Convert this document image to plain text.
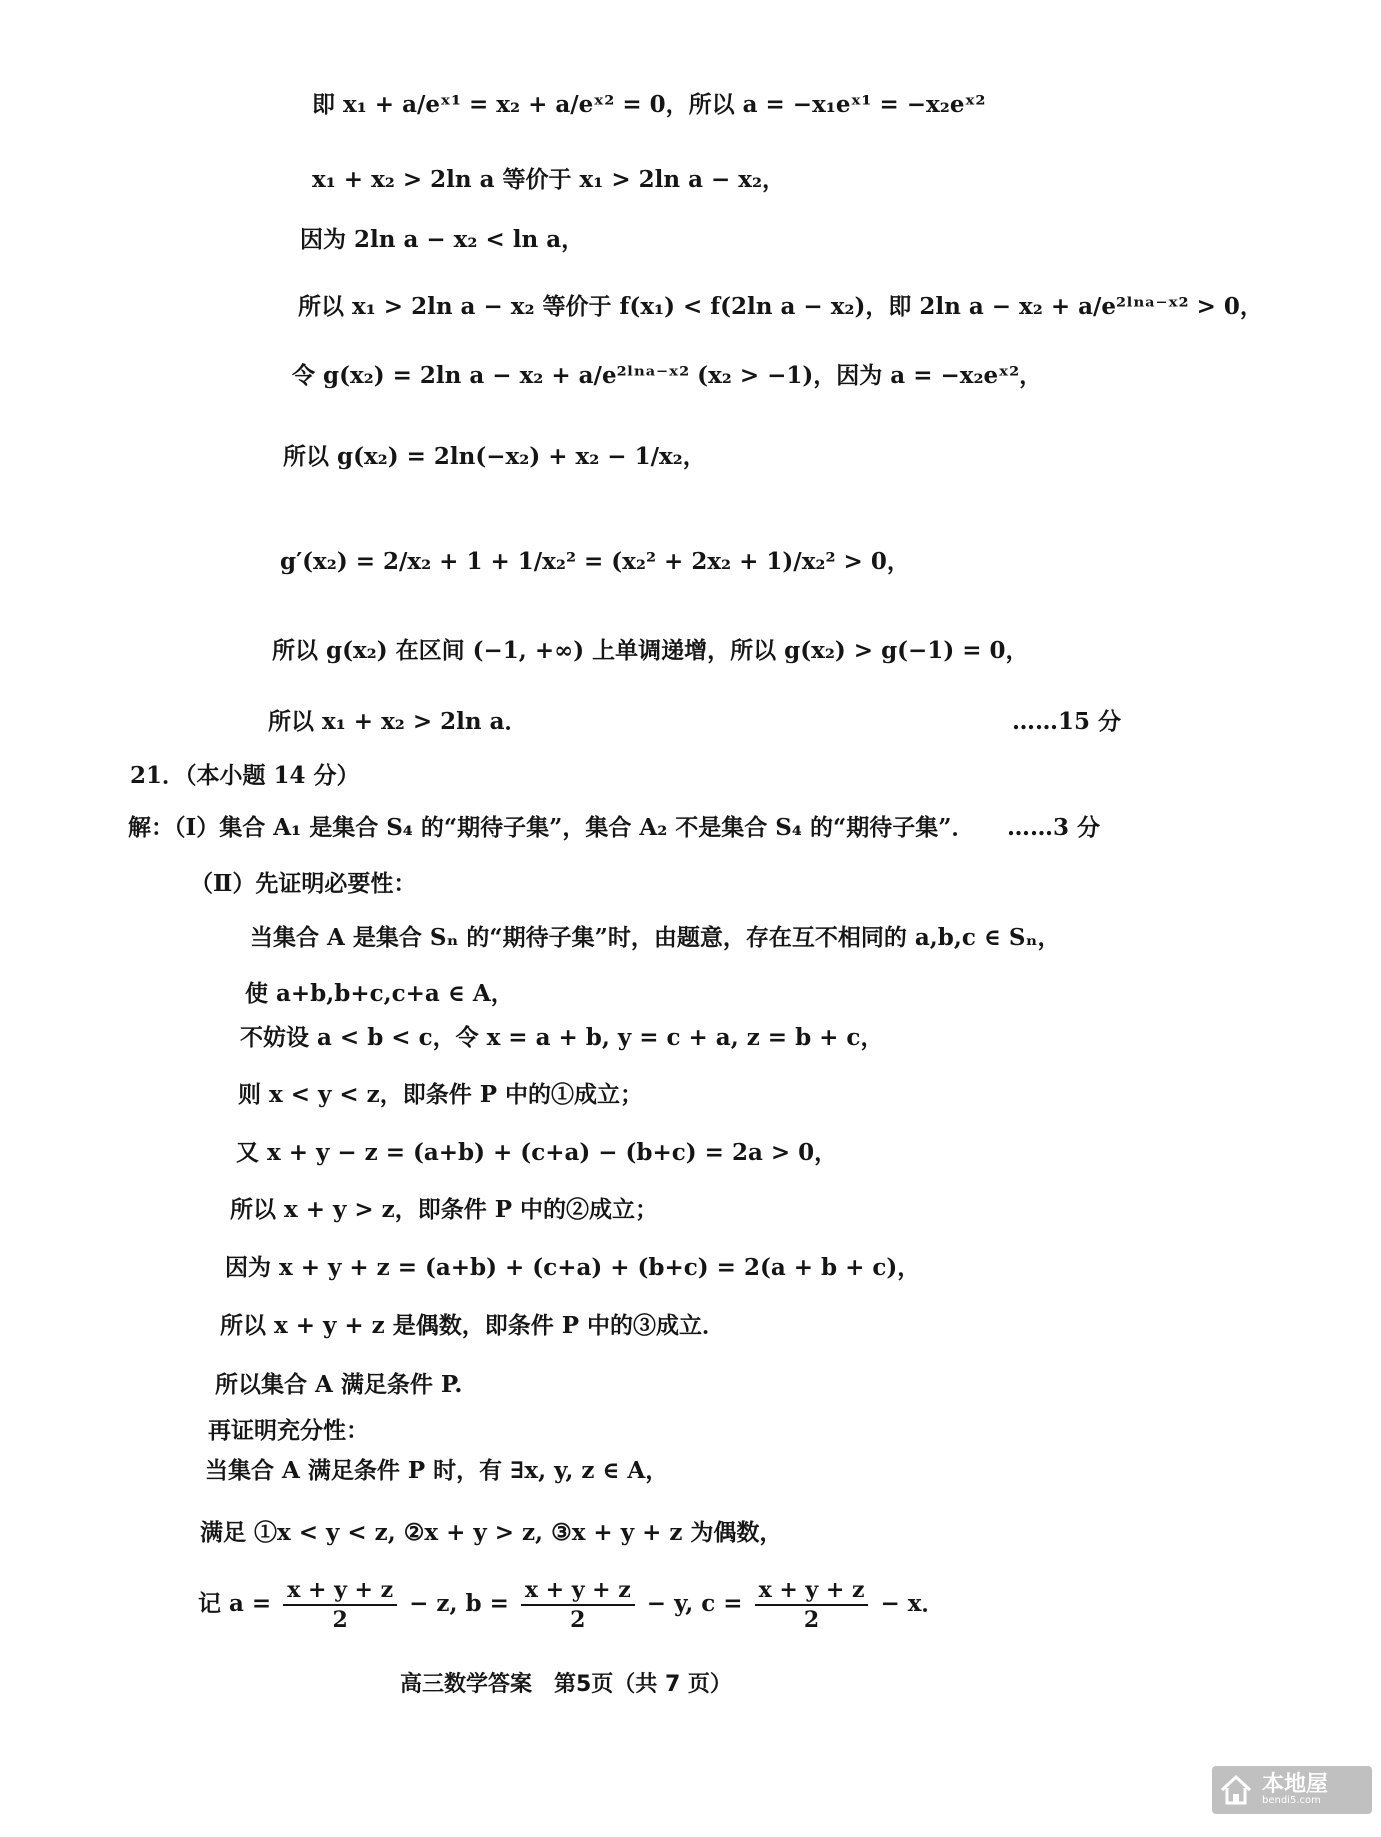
即 x₁ + a/eˣ¹ = x₂ + a/eˣ² = 0，所以 a = −x₁eˣ¹ = −x₂eˣ²
x₁ + x₂ > 2ln a 等价于 x₁ > 2ln a − x₂，
因为 2ln a − x₂ < ln a，
所以 x₁ > 2ln a − x₂ 等价于 f(x₁) < f(2ln a − x₂)，即 2ln a − x₂ + a/e²ˡⁿᵃ⁻ˣ² > 0，
令 g(x₂) = 2ln a − x₂ + a/e²ˡⁿᵃ⁻ˣ² (x₂ > −1)，因为 a = −x₂eˣ²，
所以 g(x₂) = 2ln(−x₂) + x₂ − 1/x₂，
g′(x₂) = 2/x₂ + 1 + 1/x₂² = (x₂² + 2x₂ + 1)/x₂² > 0，
所以 g(x₂) 在区间 (−1, +∞) 上单调递增，所以 g(x₂) > g(−1) = 0，
所以 x₁ + x₂ > 2ln a．	……15 分
21．（本小题 14 分）
解：（Ⅰ）集合 A₁ 是集合 S₄ 的“期待子集”，集合 A₂ 不是集合 S₄ 的“期待子集”． ……3 分
（Ⅱ）先证明必要性：
当集合 A 是集合 Sₙ 的“期待子集”时，由题意，存在互不相同的 a,b,c ∈ Sₙ，
使 a+b,b+c,c+a ∈ A，
不妨设 a < b < c，令 x = a + b, y = c + a, z = b + c，
则 x < y < z，即条件 P 中的①成立；
又 x + y − z = (a+b) + (c+a) − (b+c) = 2a > 0，
所以 x + y > z，即条件 P 中的②成立；
因为 x + y + z = (a+b) + (c+a) + (b+c) = 2(a + b + c)，
所以 x + y + z 是偶数，即条件 P 中的③成立．
所以集合 A 满足条件 P.
再证明充分性：
当集合 A 满足条件 P 时，有 ∃x, y, z ∈ A，
满足 ①x < y < z, ②x + y > z, ③x + y + z 为偶数，
记 $a = \frac{x + y + z}{2} - z$, $b = \frac{x + y + z}{2} - y$, $c = \frac{x + y + z}{2} - x$．
高三数学答案　第5页（共 7 页）
本地屋
bendi5.com
